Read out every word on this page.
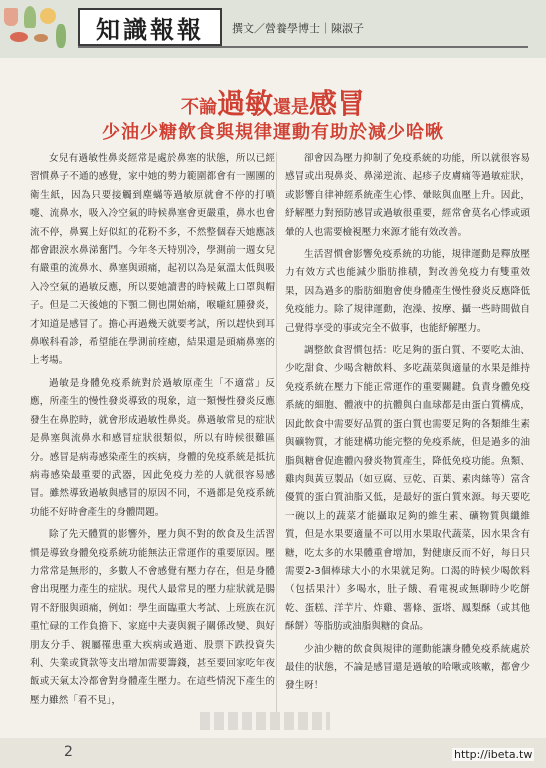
知識報報	撰文／營養學博士｜陳淑子
不論過敏還是感冒
少油少糖飲食與規律運動有助於減少哈啾

女兒有過敏性鼻炎經常是處於鼻塞的狀態，所以已經習慣鼻子不通的感覺，家中她的勢力範圍都會有一團團的衛生紙，因為只要接觸到塵蟎等過敏原就會不停的打噴嚏、流鼻水，吸入冷空氣的時候鼻塞會更嚴重，鼻水也會流不停，鼻翼上好似紅的花粉不多，不然整個春天她應該都會跟淚水鼻涕奮鬥。今年冬天特別冷，學測前一週女兒有嚴重的流鼻水、鼻塞與頭痛，起初以為是氣溫太低與吸入冷空氣的過敏反應，所以要她讀書的時候戴上口罩與帽子。但是二天後她的下顎二側也開始痛，喉嚨紅腫發炎，才知道是感冒了。擔心再過幾天就要考試，所以趕快到耳鼻喉科看診，希望能在學測前痊癒，結果還是頭痛鼻塞的上考場。

過敏是身體免疫系統對於過敏原產生「不適當」反應，所產生的慢性發炎導致的現象，這一類慢性發炎反應發生在鼻腔時，就會形成過敏性鼻炎。鼻過敏常見的症狀是鼻塞與流鼻水和感冒症狀很類似，所以有時候很難區分。感冒是病毒感染產生的疾病，身體的免疫系統是抵抗病毒感染最重要的武器，因此免疫力差的人就很容易感冒。雖然導致過敏與感冒的原因不同，不過都是免疫系統功能不好時會產生的身體問題。

除了先天體質的影響外，壓力與不對的飲食及生活習慣是導致身體免疫系統功能無法正常運作的重要原因。壓力常常是無形的，多數人不會感覺有壓力存在，但是身體會出現壓力產生的症狀。現代人最常見的壓力症狀就是腸胃不舒服與頭痛，例如：學生面臨重大考試、上班族在沉重忙碌的工作負擔下、家庭中夫妻與親子關係改變、與好朋友分手、親屬罹患重大疾病或過逝、股票下跌投資失利、失業或貸款等支出增加需要籌錢，甚至要回家吃年夜飯或天氣太冷都會對身體產生壓力。在這些情況下產生的壓力雖然「看不見」，

卻會因為壓力抑制了免疫系統的功能，所以就很容易感冒或出現鼻炎、鼻涕逆流、起疹子皮膚痛等過敏症狀，或影響自律神經系統產生心悸、暈眩與血壓上升。因此，紓解壓力對預防感冒或過敏很重要，經常會莫名心悸或頭暈的人也需要檢視壓力來源才能有效改善。

生活習慣會影響免疫系統的功能，規律運動是釋放壓力有效方式也能減少脂肪推積，對改善免疫力有雙重效果，因為過多的脂肪細胞會使身體產生慢性發炎反應降低免疫能力。除了規律運動，泡澡、按摩、攝一些時間做自己覺得享受的事或完全不做事，也能紓解壓力。

調整飲食習慣包括：吃足夠的蛋白質、不要吃太油、少吃甜食、少喝含糖飲料、多吃蔬菜與適量的水果是維持免疫系統在壓力下能正常運作的重要關鍵。負責身體免疫系統的細胞、體液中的抗體與白血球都是由蛋白質構成，因此飲食中需要好品質的蛋白質也需要足夠的各類維生素與礦物質，才能建構功能完整的免疫系統，但是過多的油脂與糖會促進體內發炎物質產生，降低免疫功能。魚類、雞肉與黃豆製品（如豆腐、豆乾、百葉、素肉絲等）富含優質的蛋白質油脂又低，是最好的蛋白質來源。每天要吃一碗以上的蔬菜才能攝取足夠的維生素、礦物質與纖維質，但是水果要適量不可以用水果取代蔬菜，因水果含有糖，吃太多的水果體重會增加，對健康反而不好，每日只需要2-3個棒球大小的水果就足夠。口渴的時候少喝飲料（包括果汁）多喝水，肚子餓、看電視或無聊時少吃餅乾、蛋糕、洋芋片、炸雞、薯條、蛋塔、鳳梨酥（或其他酥餅）等脂肪或油脂與糖的食品。

少油少糖的飲食與規律的運動能讓身體免疫系統處於最佳的狀態，不論是感冒還是過敏的哈啾或咳嗽，都會少發生呀！

2	http://ibeta.tw
